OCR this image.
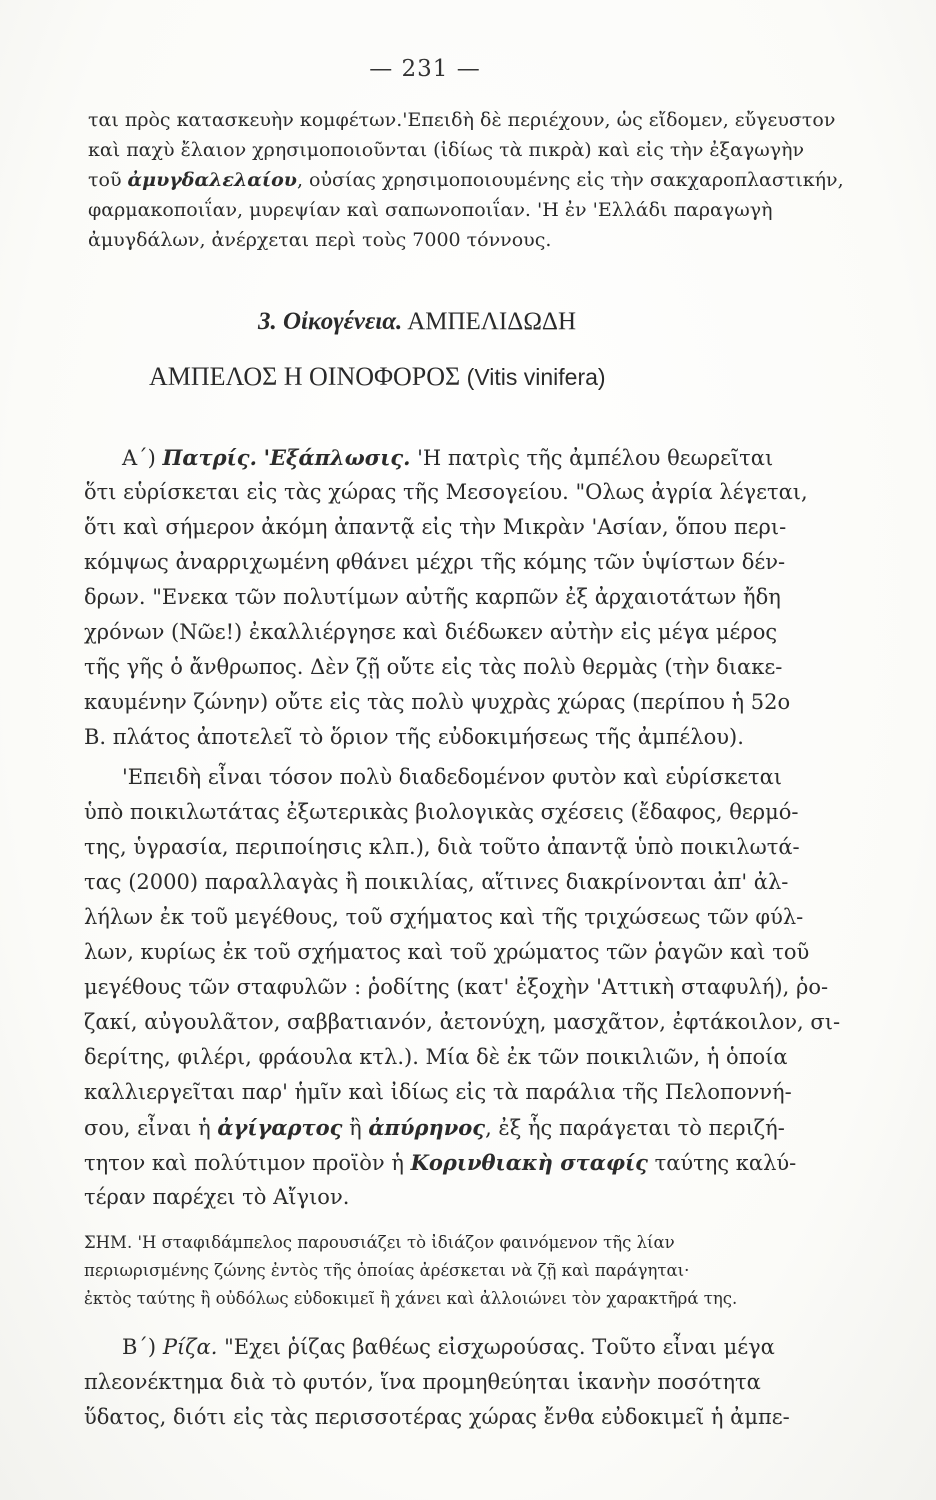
— 231 —
ται πρὸς κατασκευὴν κομφέτων.'Επειδὴ δὲ περιέχουν, ὡς εἴδομεν, εὔγευστον
καὶ παχὺ ἔλαιον χρησιμοποιοῦνται (ἰδίως τὰ πικρὰ) καὶ εἰς τὴν ἐξαγωγὴν
τοῦ ἀμυγδαλελαίου, οὐσίας χρησιμοποιουμένης εἰς τὴν σακχαροπλαστικήν,
φαρμακοποιΐαν, μυρεψίαν καὶ σαπωνοποιΐαν. 'Η ἐν 'Ελλάδι παραγωγὴ
ἀμυγδάλων, ἀνέρχεται περὶ τοὺς 7000 τόννους.
3. Οἰκογένεια. ΑΜΠΕΛΙΔΩΔΗ
ΑΜΠΕΛΟΣ Η ΟΙΝΟΦΟΡΟΣ (Vitis vinifera)
Α΄) Πατρίς. 'Εξάπλωσις. 'Η πατρὶς τῆς ἀμπέλου θεωρεῖται
ὅτι εὑρίσκεται εἰς τὰς χώρας τῆς Μεσογείου. "Ολως ἀγρία λέγεται,
ὅτι καὶ σήμερον ἀκόμη ἀπαντᾷ εἰς τὴν Μικρὰν 'Ασίαν, ὅπου περι-
κόμψως ἀναρριχωμένη φθάνει μέχρι τῆς κόμης τῶν ὑψίστων δέν-
δρων. "Ενεκα τῶν πολυτίμων αὐτῆς καρπῶν ἐξ ἀρχαιοτάτων ἤδη
χρόνων (Νῶε!) ἐκαλλιέργησε καὶ διέδωκεν αὐτὴν εἰς μέγα μέρος
τῆς γῆς ὁ ἄνθρωπος. Δὲν ζῇ οὔτε εἰς τὰς πολὺ θερμὰς (τὴν διακε-
καυμένην ζώνην) οὔτε εἰς τὰς πολὺ ψυχρὰς χώρας (περίπου ἡ 52ο
Β. πλάτος ἀποτελεῖ τὸ ὅριον τῆς εὐδοκιμήσεως τῆς ἀμπέλου).
'Επειδὴ εἶναι τόσον πολὺ διαδεδομένον φυτὸν καὶ εὑρίσκεται
ὑπὸ ποικιλωτάτας ἐξωτερικὰς βιολογικὰς σχέσεις (ἔδαφος, θερμό-
της, ὑγρασία, περιποίησις κλπ.), διὰ τοῦτο ἀπαντᾷ ὑπὸ ποικιλωτά-
τας (2000) παραλλαγὰς ἢ ποικιλίας, αἵτινες διακρίνονται ἀπ' ἀλ-
λήλων ἐκ τοῦ μεγέθους, τοῦ σχήματος καὶ τῆς τριχώσεως τῶν φύλ-
λων, κυρίως ἐκ τοῦ σχήματος καὶ τοῦ χρώματος τῶν ῥαγῶν καὶ τοῦ
μεγέθους τῶν σταφυλῶν : ῥοδίτης (κατ' ἐξοχὴν 'Αττικὴ σταφυλή), ῥο-
ζακί, αὐγουλᾶτον, σαββατιανόν, ἀετονύχη, μασχᾶτον, ἐφτάκοιλον, σι-
δερίτης, φιλέρι, φράουλα κτλ.). Μία δὲ ἐκ τῶν ποικιλιῶν, ἡ ὁποία
καλλιεργεῖται παρ' ἡμῖν καὶ ἰδίως εἰς τὰ παράλια τῆς Πελοποννή-
σου, εἶναι ἡ ἀγίγαρτος ἢ ἀπύρηνος, ἐξ ἧς παράγεται τὸ περιζή-
τητον καὶ πολύτιμον προϊὸν ἡ Κορινθιακὴ σταφίς ταύτης καλύ-
τέραν παρέχει τὸ Αἴγιον.
ΣΗΜ. 'Η σταφιδάμπελος παρουσιάζει τὸ ἰδιάζον φαινόμενον τῆς λίαν
περιωρισμένης ζώνης ἐντὸς τῆς ὁποίας ἀρέσκεται νὰ ζῇ καὶ παράγηται·
ἐκτὸς ταύτης ἢ οὐδόλως εὐδοκιμεῖ ἢ χάνει καὶ ἀλλοιώνει τὸν χαρακτῆρά της.
Β΄) Ρίζα. "Εχει ῥίζας βαθέως εἰσχωρούσας. Τοῦτο εἶναι μέγα
πλεονέκτημα διὰ τὸ φυτόν, ἵνα προμηθεύηται ἱκανὴν ποσότητα
ὕδατος, διότι εἰς τὰς περισσοτέρας χώρας ἔνθα εὐδοκιμεῖ ἡ ἀμπε-
